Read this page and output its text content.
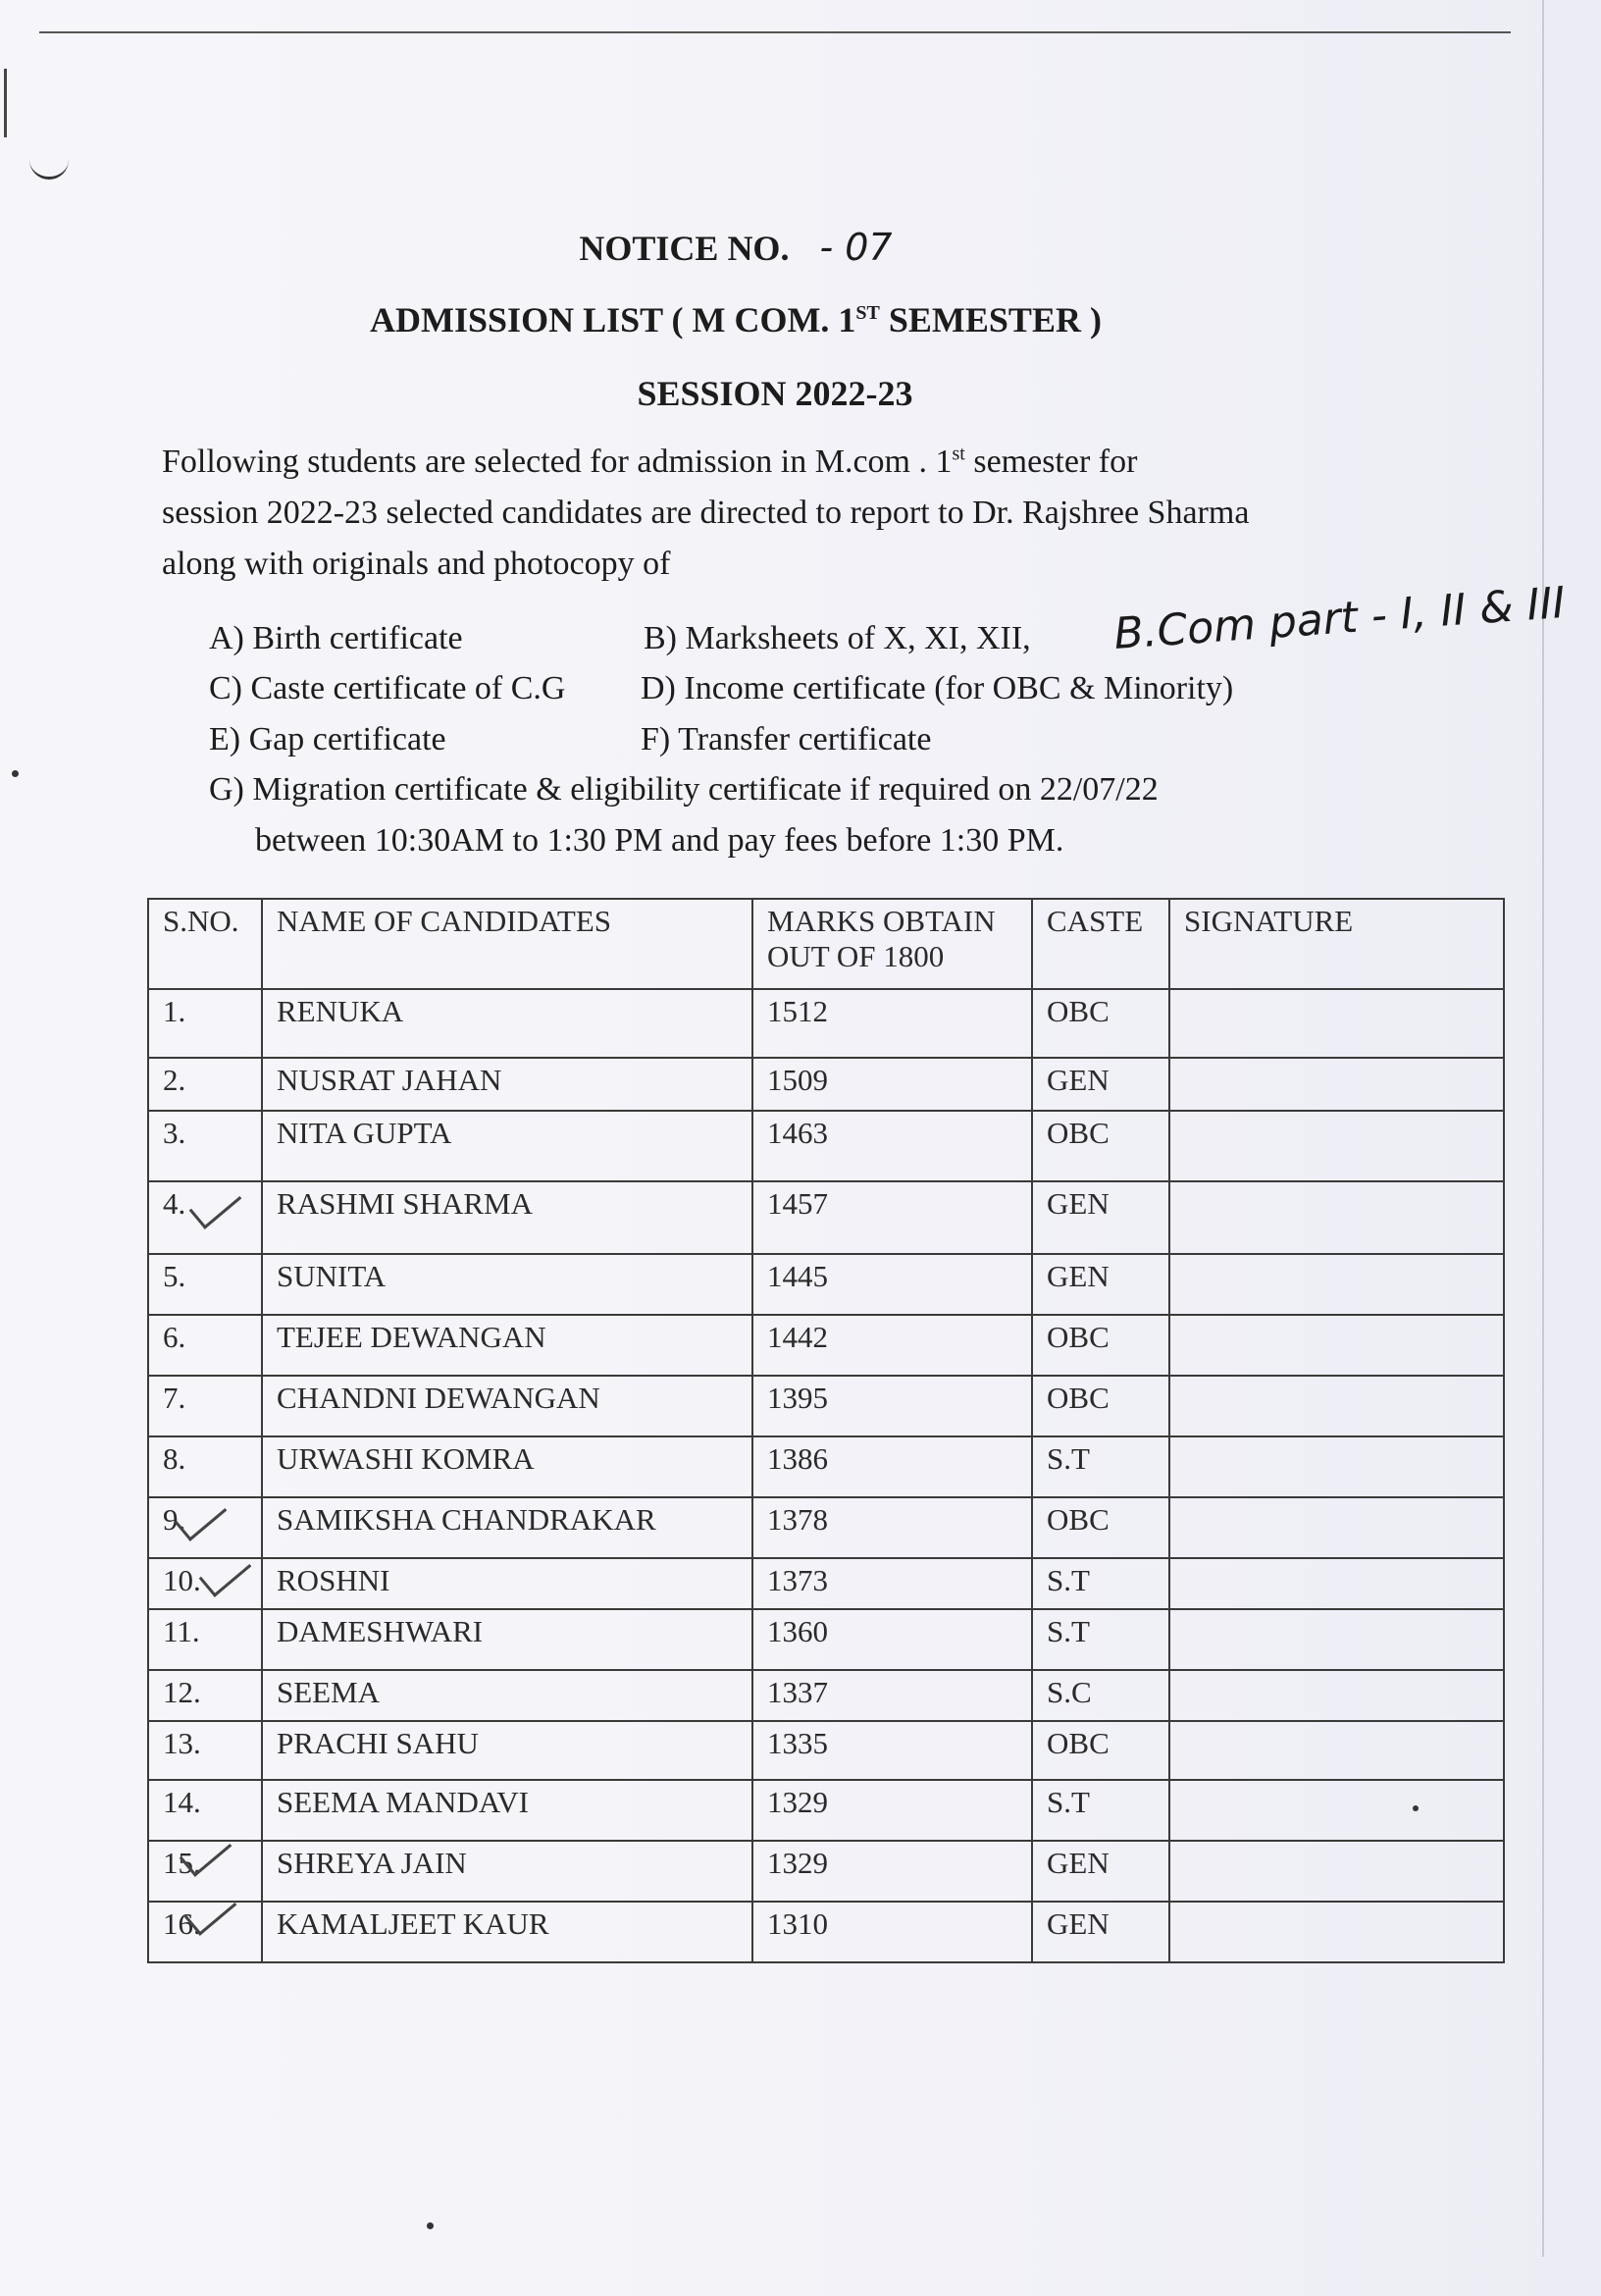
NOTICE NO. - 07
ADMISSION LIST ( M COM. 1ST SEMESTER )
SESSION 2022-23
Following students are selected for admission in M.com . 1st semester for
session 2022-23 selected candidates are directed to report to Dr. Rajshree Sharma
along with originals and photocopy of
A) Birth certificate	B) Marksheets of X, XI, XII, B.Com part - I, II & III
C) Caste certificate of C.G D) Income certificate (for OBC & Minority)
E) Gap certificate	F) Transfer certificate
G) Migration certificate & eligibility certificate if required on 22/07/22
between 10:30AM to 1:30 PM and pay fees before 1:30 PM.
S.NO.	NAME OF CANDIDATES	MARKS OBTAIN OUT OF 1800	CASTE	SIGNATURE
1.	RENUKA	1512	OBC	
2.	NUSRAT JAHAN	1509	GEN	
3.	NITA GUPTA	1463	OBC	
4.	RASHMI SHARMA	1457	GEN	
5.	SUNITA	1445	GEN	
6.	TEJEE DEWANGAN	1442	OBC	
7.	CHANDNI DEWANGAN	1395	OBC	
8.	URWASHI KOMRA	1386	S.T	
9.	SAMIKSHA CHANDRAKAR	1378	OBC	
10.	ROSHNI	1373	S.T	
11.	DAMESHWARI	1360	S.T	
12.	SEEMA	1337	S.C	
13.	PRACHI SAHU	1335	OBC	
14.	SEEMA MANDAVI	1329	S.T	
15.	SHREYA JAIN	1329	GEN	
16.	KAMALJEET KAUR	1310	GEN	
